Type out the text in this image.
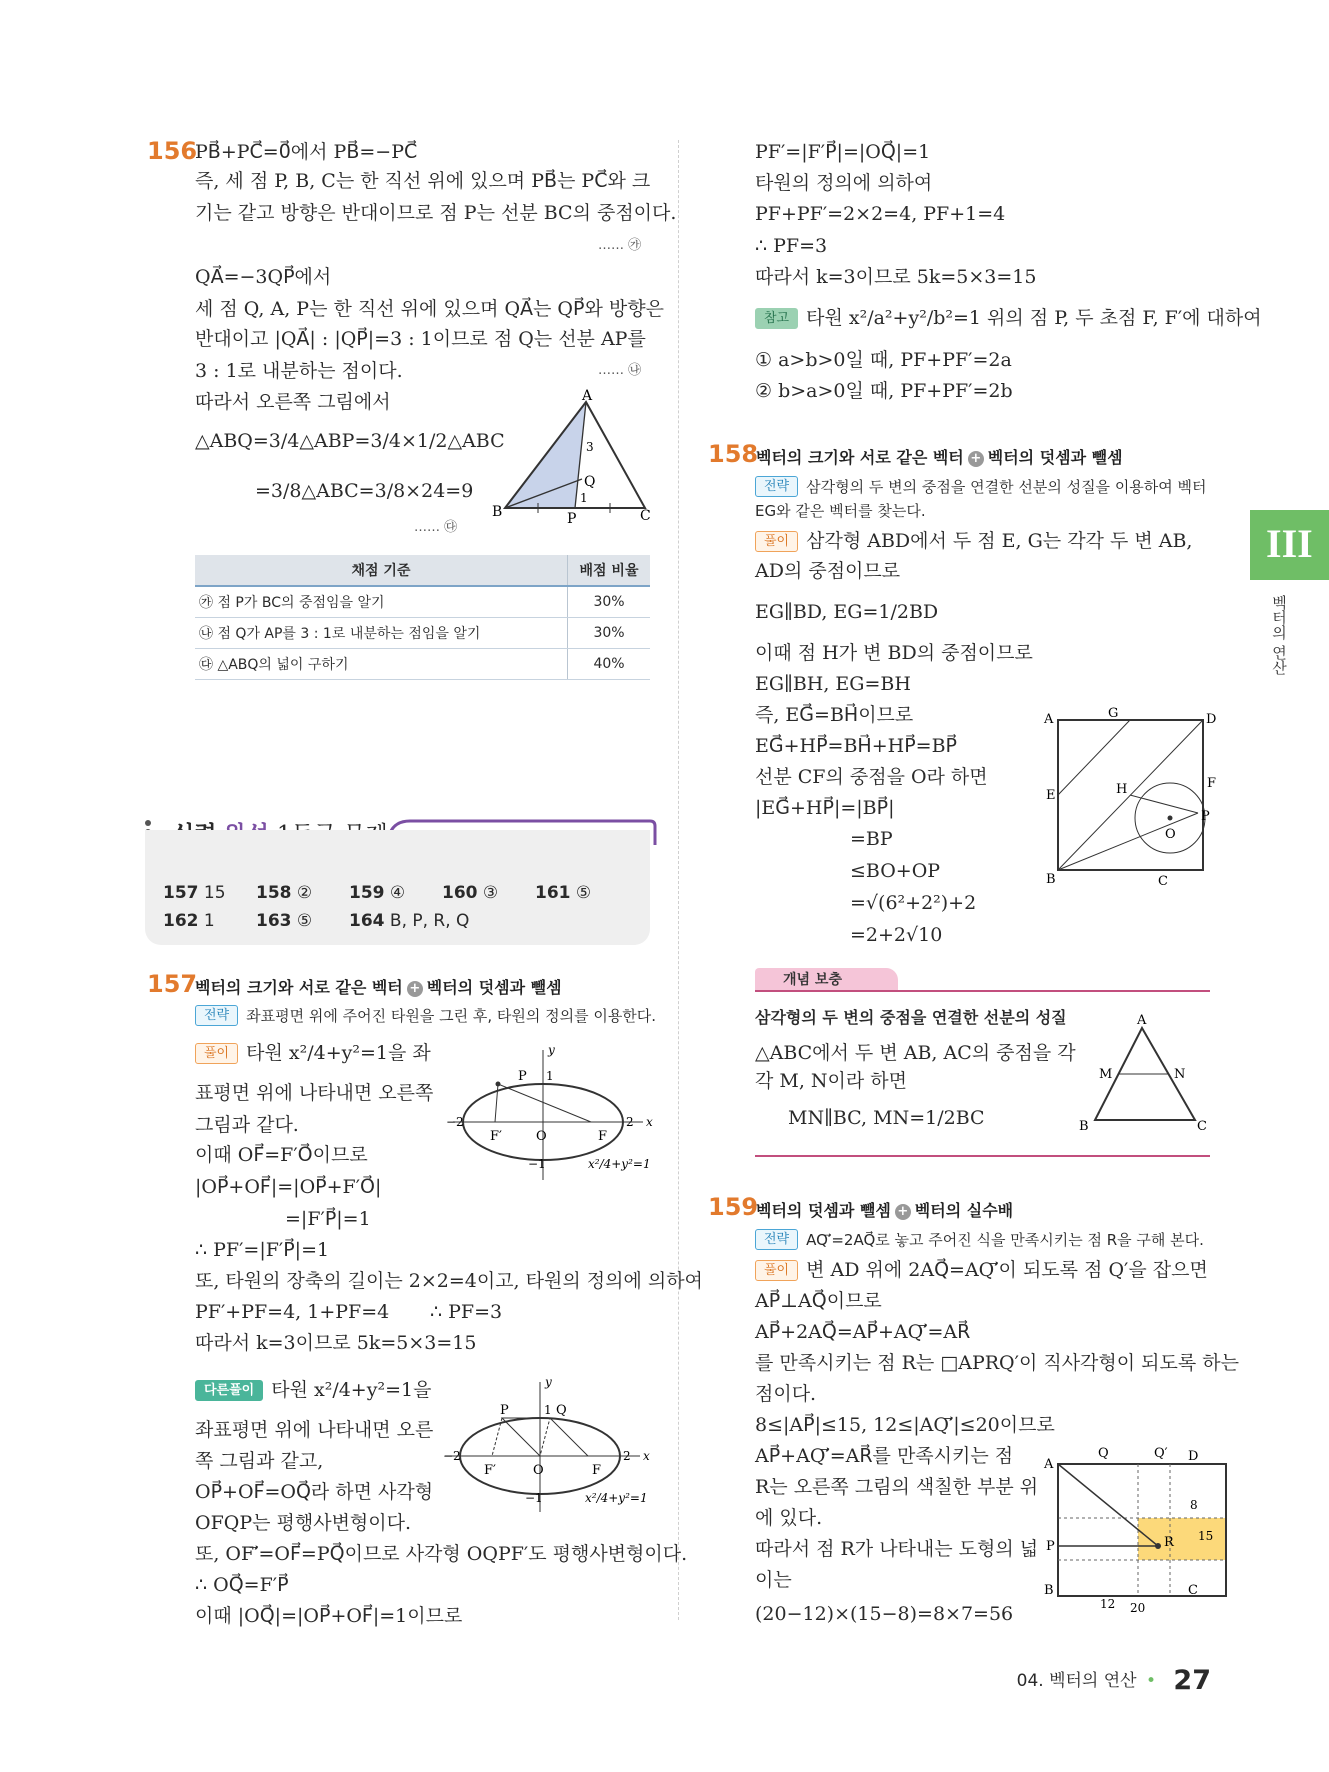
156
PB⃗+PC⃗=0⃗에서 PB⃗=−PC⃗
즉, 세 점 P, B, C는 한 직선 위에 있으며 PB⃗는 PC⃗와 크
기는 같고 방향은 반대이므로 점 P는 선분 BC의 중점이다.
…… ㉮
QA⃗=−3QP⃗에서
세 점 Q, A, P는 한 직선 위에 있으며 QA⃗는 QP⃗와 방향은
반대이고 |QA⃗| : |QP⃗|=3 : 1이므로 점 Q는 선분 AP를
3 : 1로 내분하는 점이다.	…… ㉯
따라서 오른쪽 그림에서
△ABQ=3/4△ABP=3/4×1/2△ABC
=3/8△ABC=3/8×24=9
…… ㉰
A
B	C
P
Q
3
1
채점 기준	배점 비율
㉮ 점 P가 BC의 중점임을 알기	30%
㉯ 점 Q가 AP를 3 : 1로 내분하는 점임을 알기	30%
㉰ △ABQ의 넓이 구하기	40%
157 15 158 ② 159 ④ 160 ③ 161 ⑤
162 1 163 ⑤ 164 B, P, R, Q
157
벡터의 크기와 서로 같은 벡터 + 벡터의 덧셈과 뺄셈
전략 좌표평면 위에 주어진 타원을 그린 후, 타원의 정의를 이용한다.
풀이 타원 x²/4+y²=1을 좌
표평면 위에 나타내면 오른쪽
그림과 같다.
이때 OF⃗=F′O⃗이므로
|OP⃗+OF⃗|=|OP⃗+F′O⃗|
=|F′P⃗|=1
∴ PF′=|F′P⃗|=1
또, 타원의 장축의 길이는 2×2=4이고, 타원의 정의에 의하여
PF′+PF=4, 1+PF=4 ∴ PF=3
따라서 k=3이므로 5k=5×3=15
P 1
y
x
−2
F′	O	F
2
−1	x²/4+y²=1
다른풀이 타원 x²/4+y²=1을
좌표평면 위에 나타내면 오른
쪽 그림과 같고,
OP⃗+OF⃗=OQ⃗라 하면 사각형
OFQP는 평행사변형이다.
또, OF′⃗=OF⃗=PQ⃗이므로 사각형 OQPF′도 평행사변형이다.
∴ OQ⃗=F′P⃗
이때 |OQ⃗|=|OP⃗+OF⃗|=1이므로
P	Q
1
y
x
−2
F′	O	F
2
−1	x²/4+y²=1
PF′=|F′P⃗|=|OQ⃗|=1
타원의 정의에 의하여
PF+PF′=2×2=4, PF+1=4
∴ PF=3
따라서 k=3이므로 5k=5×3=15
참고 타원 x²/a²+y²/b²=1 위의 점 P, 두 초점 F, F′에 대하여
① a>b>0일 때, PF+PF′=2a
② b>a>0일 때, PF+PF′=2b
158
벡터의 크기와 서로 같은 벡터 + 벡터의 덧셈과 뺄셈
전략 삼각형의 두 변의 중점을 연결한 선분의 성질을 이용하여 벡터
EG와 같은 벡터를 찾는다.
풀이 삼각형 ABD에서 두 점 E, G는 각각 두 변 AB,
AD의 중점이므로
EG∥BD, EG=1/2BD
이때 점 H가 변 BD의 중점이므로
EG∥BH, EG=BH
즉, EG⃗=BH⃗이므로
EG⃗+HP⃗=BH⃗+HP⃗=BP⃗
선분 CF의 중점을 O라 하면
|EG⃗+HP⃗|=|BP⃗|
=BP
≤BO+OP
=√(6²+2²)+2
=2+2√10
A	G	D
E	H	F
P
O
B	C
개념 보충
삼각형의 두 변의 중점을 연결한 선분의 성질
△ABC에서 두 변 AB, AC의 중점을 각
각 M, N이라 하면
MN∥BC, MN=1/2BC
A
M	N
B	C
159
벡터의 덧셈과 뺄셈 + 벡터의 실수배
전략 AQ′⃗=2AQ⃗로 놓고 주어진 식을 만족시키는 점 R을 구해 본다.
풀이 변 AD 위에 2AQ⃗=AQ′⃗이 되도록 점 Q′을 잡으면
AP⃗⊥AQ⃗이므로
AP⃗+2AQ⃗=AP⃗+AQ′⃗=AR⃗
를 만족시키는 점 R는 □APRQ′이 직사각형이 되도록 하는
점이다.
8≤|AP⃗|≤15, 12≤|AQ′⃗|≤20이므로
AP⃗+AQ′⃗=AR⃗를 만족시키는 점
R는 오른쪽 그림의 색칠한 부분 위
에 있다.
따라서 점 R가 나타내는 도형의 넓
이는
(20−12)×(15−8)=8×7=56
Q	Q′
A
D
8
15
P	R
B	C
12 20
III
벡터의 연산
04. 벡터의 연산 • 27
